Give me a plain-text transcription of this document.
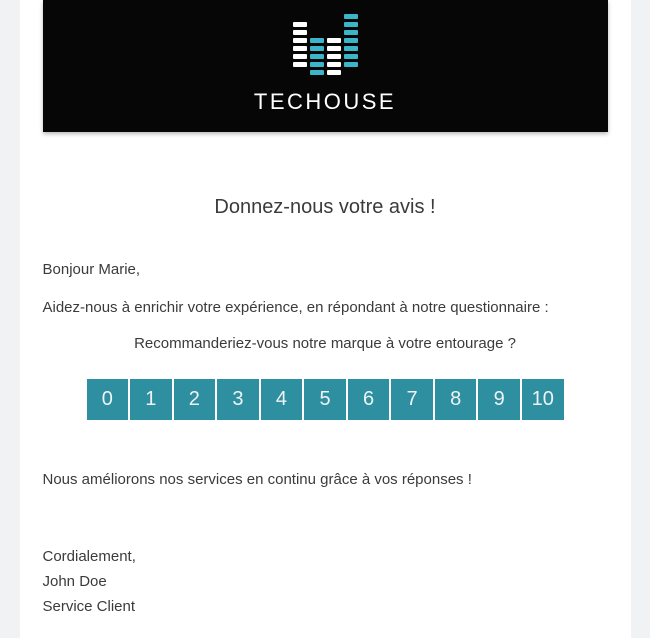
TECHOUSE
Donnez-nous votre avis !

Bonjour Marie,

Aidez-nous à enrichir votre expérience, en répondant à notre questionnaire :

Recommanderiez-vous notre marque à votre entourage ?

0	1	2	3	4	5	6	7	8	9	10

Nous améliorons nos services en continu grâce à vos réponses !

Cordialement,
John Doe
Service Client
